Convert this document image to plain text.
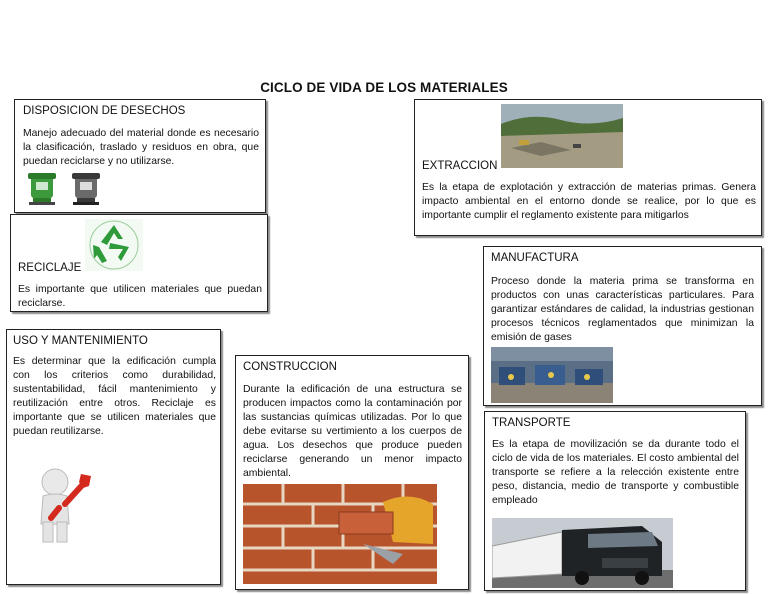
CICLO DE VIDA DE LOS MATERIALES
DISPOSICION DE DESECHOS
Manejo adecuado del material donde es necesario la clasificación, traslado y residuos en obra, que puedan reciclarse y no utilizarse.	EXTRACCION
Es la etapa de explotación y extracción de materias primas. Genera impacto ambiental en el entorno donde se realice, por lo que es importante cumplir el reglamento existente para mitigarlos
RECICLAJE
Es importante que utilicen materiales que puedan reciclarse.
MANUFACTURA
Proceso donde la materia prima se transforma en productos con unas características particulares. Para garantizar estándares de calidad, la industrias gestionan procesos técnicos reglamentados que minimizan la emisión de gases
USO Y MANTENIMIENTO
Es determinar que la edificación cumpla con los criterios como durabilidad, sustentabilidad, fácil mantenimiento y reutilización entre otros. Reciclaje es importante que se utilicen materiales que puedan reutilizarse.
CONSTRUCCION
Durante la edificación de una estructura se producen impactos como la contaminación por las sustancias químicas utilizadas. Por lo que debe evitarse su vertimiento a los cuerpos de agua. Los desechos que produce pueden reciclarse generando un menor impacto ambiental.
TRANSPORTE
Es la etapa de movilización se da durante todo el ciclo de vida de los materiales. El costo ambiental del transporte se refiere a la relección existente entre peso, distancia, medio de transporte y combustible empleado
